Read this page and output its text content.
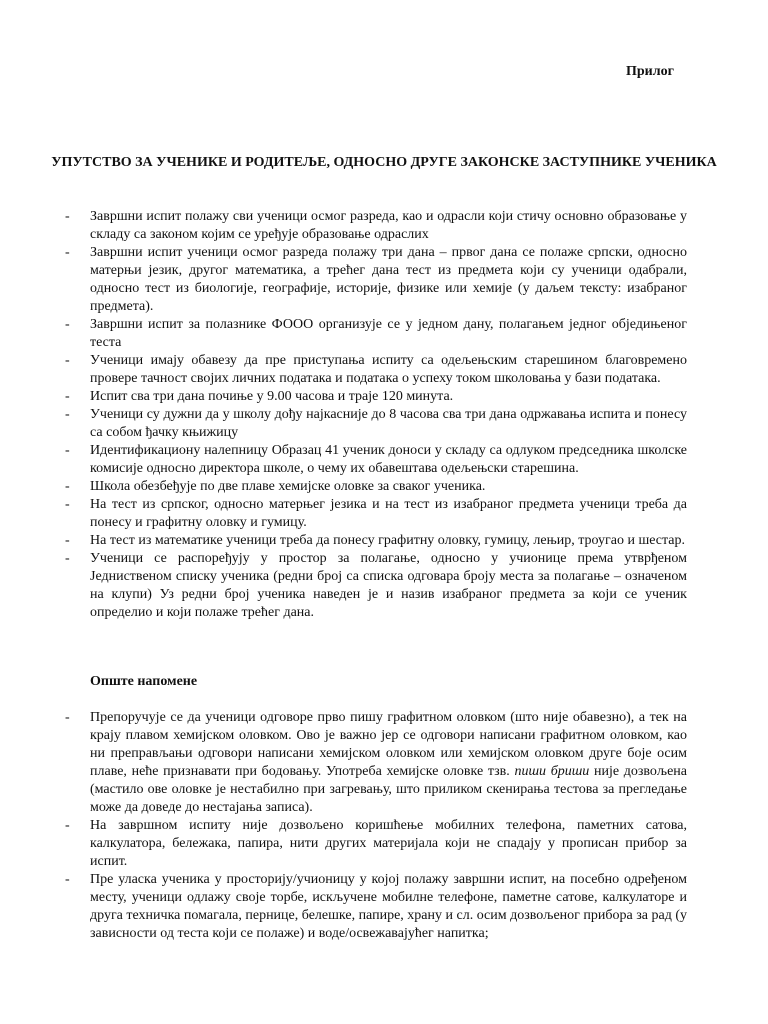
Прилог
УПУТСТВО ЗА УЧЕНИКЕ И РОДИТЕЉЕ, ОДНОСНО ДРУГЕ ЗАКОНСКЕ ЗАСТУПНИКЕ УЧЕНИКА
- Завршни испит полажу сви ученици осмог разреда, као и одрасли који стичу основно образовање у складу са законом којим се уређује образовање одраслих
- Завршни испит ученици осмог разреда полажу три дана – првог дана се полаже српски, односно матерњи језик, другог математика, а трећег дана тест из предмета који су ученици одабрали, односно тест из биологије, географије, историје, физике или хемије (у даљем тексту: изабраног предмета).
- Завршни испит за полазнике ФООО организује се у једном дану, полагањем једног обједињеног теста
- Ученици имају обавезу да пре приступања испиту са одељењским старешином благовремено провере тачност својих личних података и података о успеху током школовања у бази података.
- Испит сва три дана почиње у 9.00 часова и траје 120 минута.
- Ученици су дужни да у школу дођу најкасније до 8 часова сва три дана одржавања испита и понесу са собом ђачку књижицу
- Идентификациону налепницу Образац 41 ученик доноси у складу са одлуком председника школске комисије односно директора школе, о чему их обавештава одељењски старешина.
- Школа обезбеђује по две плаве хемијске оловке за сваког ученика.
- На тест из српског, односно матерњег језика и на тест из изабраног предмета ученици треба да понесу и графитну оловку и гумицу.
- На тест из математике ученици треба да понесу графитну оловку, гумицу, лењир, троугао и шестар.
- Ученици се распоређују у простор за полагање, односно у учионице према утврђеном Једниственом списку ученика (редни број са списка одговара броју места за полагање – означеном на клупи) Уз редни број ученика наведен је и назив изабраног предмета за који се ученик определио и који полаже трећег дана.
Опште напомене
- Препоручује се да ученици одговоре прво пишу графитном оловком (што није обавезно), а тек на крају плавом хемијском оловком. Ово је важно јер се одговори написани графитном оловком, као ни преправљањи одговори написани хемијском оловком или хемијском оловком друге боје осим плаве, неће признавати при бодовању. Употреба хемијске оловке тзв. пиши бриши није дозвољена (мастило ове оловке је нестабилно при загревању, што приликом скенирања тестова за прегледање може да доведе до нестајања записа).
- На завршном испиту није дозвољено коришћење мобилних телефона, паметних сатова, калкулатора, бележака, папира, нити других материјала који не спадају у прописан прибор за испит.
- Пре уласка ученика у просторију/учионицу у којој полажу завршни испит, на посебно одређеном месту, ученици одлажу своје торбе, искључене мобилне телефоне, паметне сатове, калкулаторе и друга техничка помагала, пернице, белешке, папире, храну и сл. осим дозвољеног прибора за рад (у зависности од теста који се полаже) и воде/освежавајућег напитка;
